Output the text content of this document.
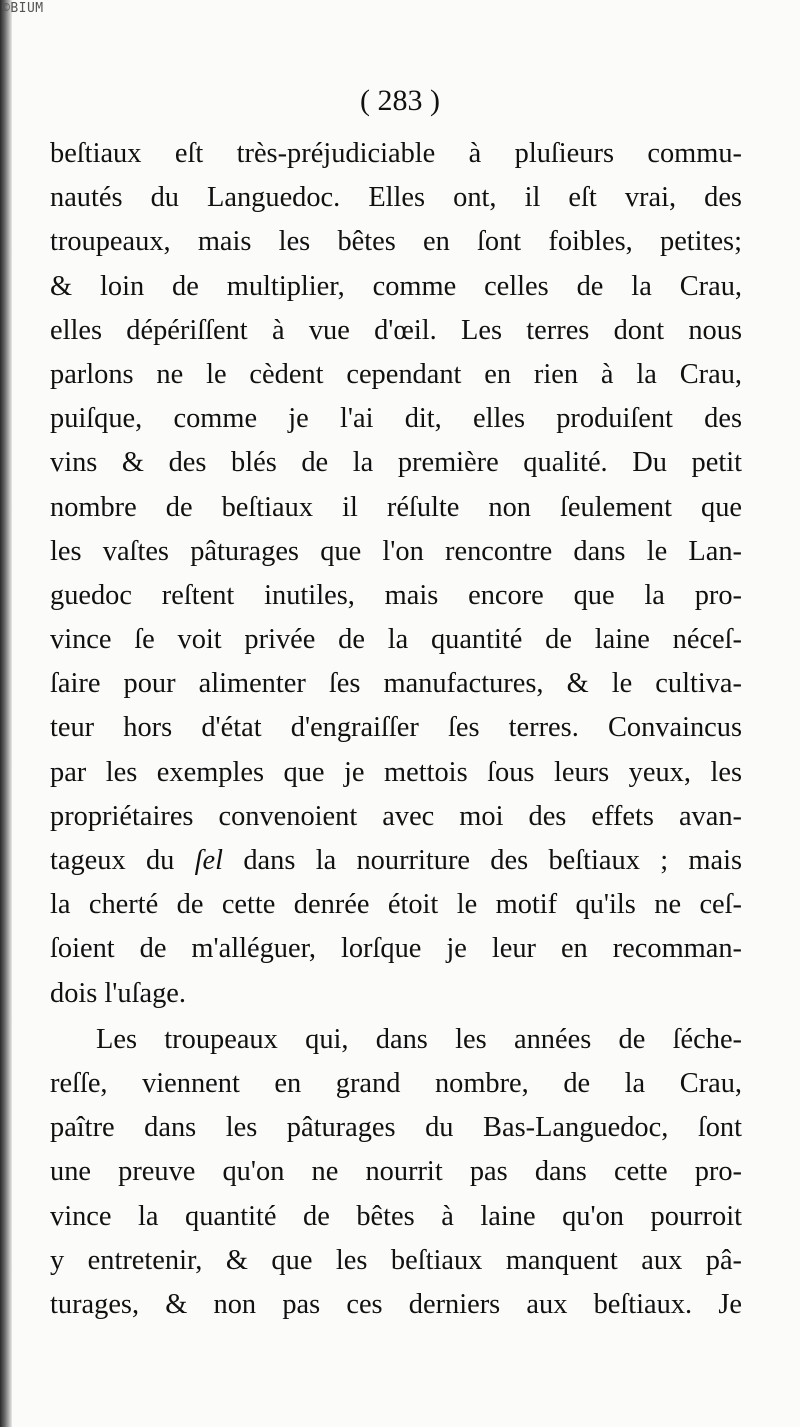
©BIUM
( 283 )
beſtiaux eſt très-préjudiciable à pluſieurs commu-
nautés du Languedoc. Elles ont, il eſt vrai, des
troupeaux, mais les bêtes en ſont foibles, petites;
& loin de multiplier, comme celles de la Crau,
elles dépériſſent à vue d'œil. Les terres dont nous
parlons ne le cèdent cependant en rien à la Crau,
puiſque, comme je l'ai dit, elles produiſent des
vins & des blés de la première qualité. Du petit
nombre de beſtiaux il réſulte non ſeulement que
les vaſtes pâturages que l'on rencontre dans le Lan-
guedoc reſtent inutiles, mais encore que la pro-
vince ſe voit privée de la quantité de laine néceſ-
ſaire pour alimenter ſes manufactures, & le cultiva-
teur hors d'état d'engraiſſer ſes terres. Convaincus
par les exemples que je mettois ſous leurs yeux, les
propriétaires convenoient avec moi des effets avan-
tageux du ſel dans la nourriture des beſtiaux ; mais
la cherté de cette denrée étoit le motif qu'ils ne ceſ-
ſoient de m'alléguer, lorſque je leur en recomman-
dois l'uſage.
Les troupeaux qui, dans les années de ſéche-
reſſe, viennent en grand nombre, de la Crau,
paître dans les pâturages du Bas-Languedoc, ſont
une preuve qu'on ne nourrit pas dans cette pro-
vince la quantité de bêtes à laine qu'on pourroit
y entretenir, & que les beſtiaux manquent aux pâ-
turages, & non pas ces derniers aux beſtiaux. Je
